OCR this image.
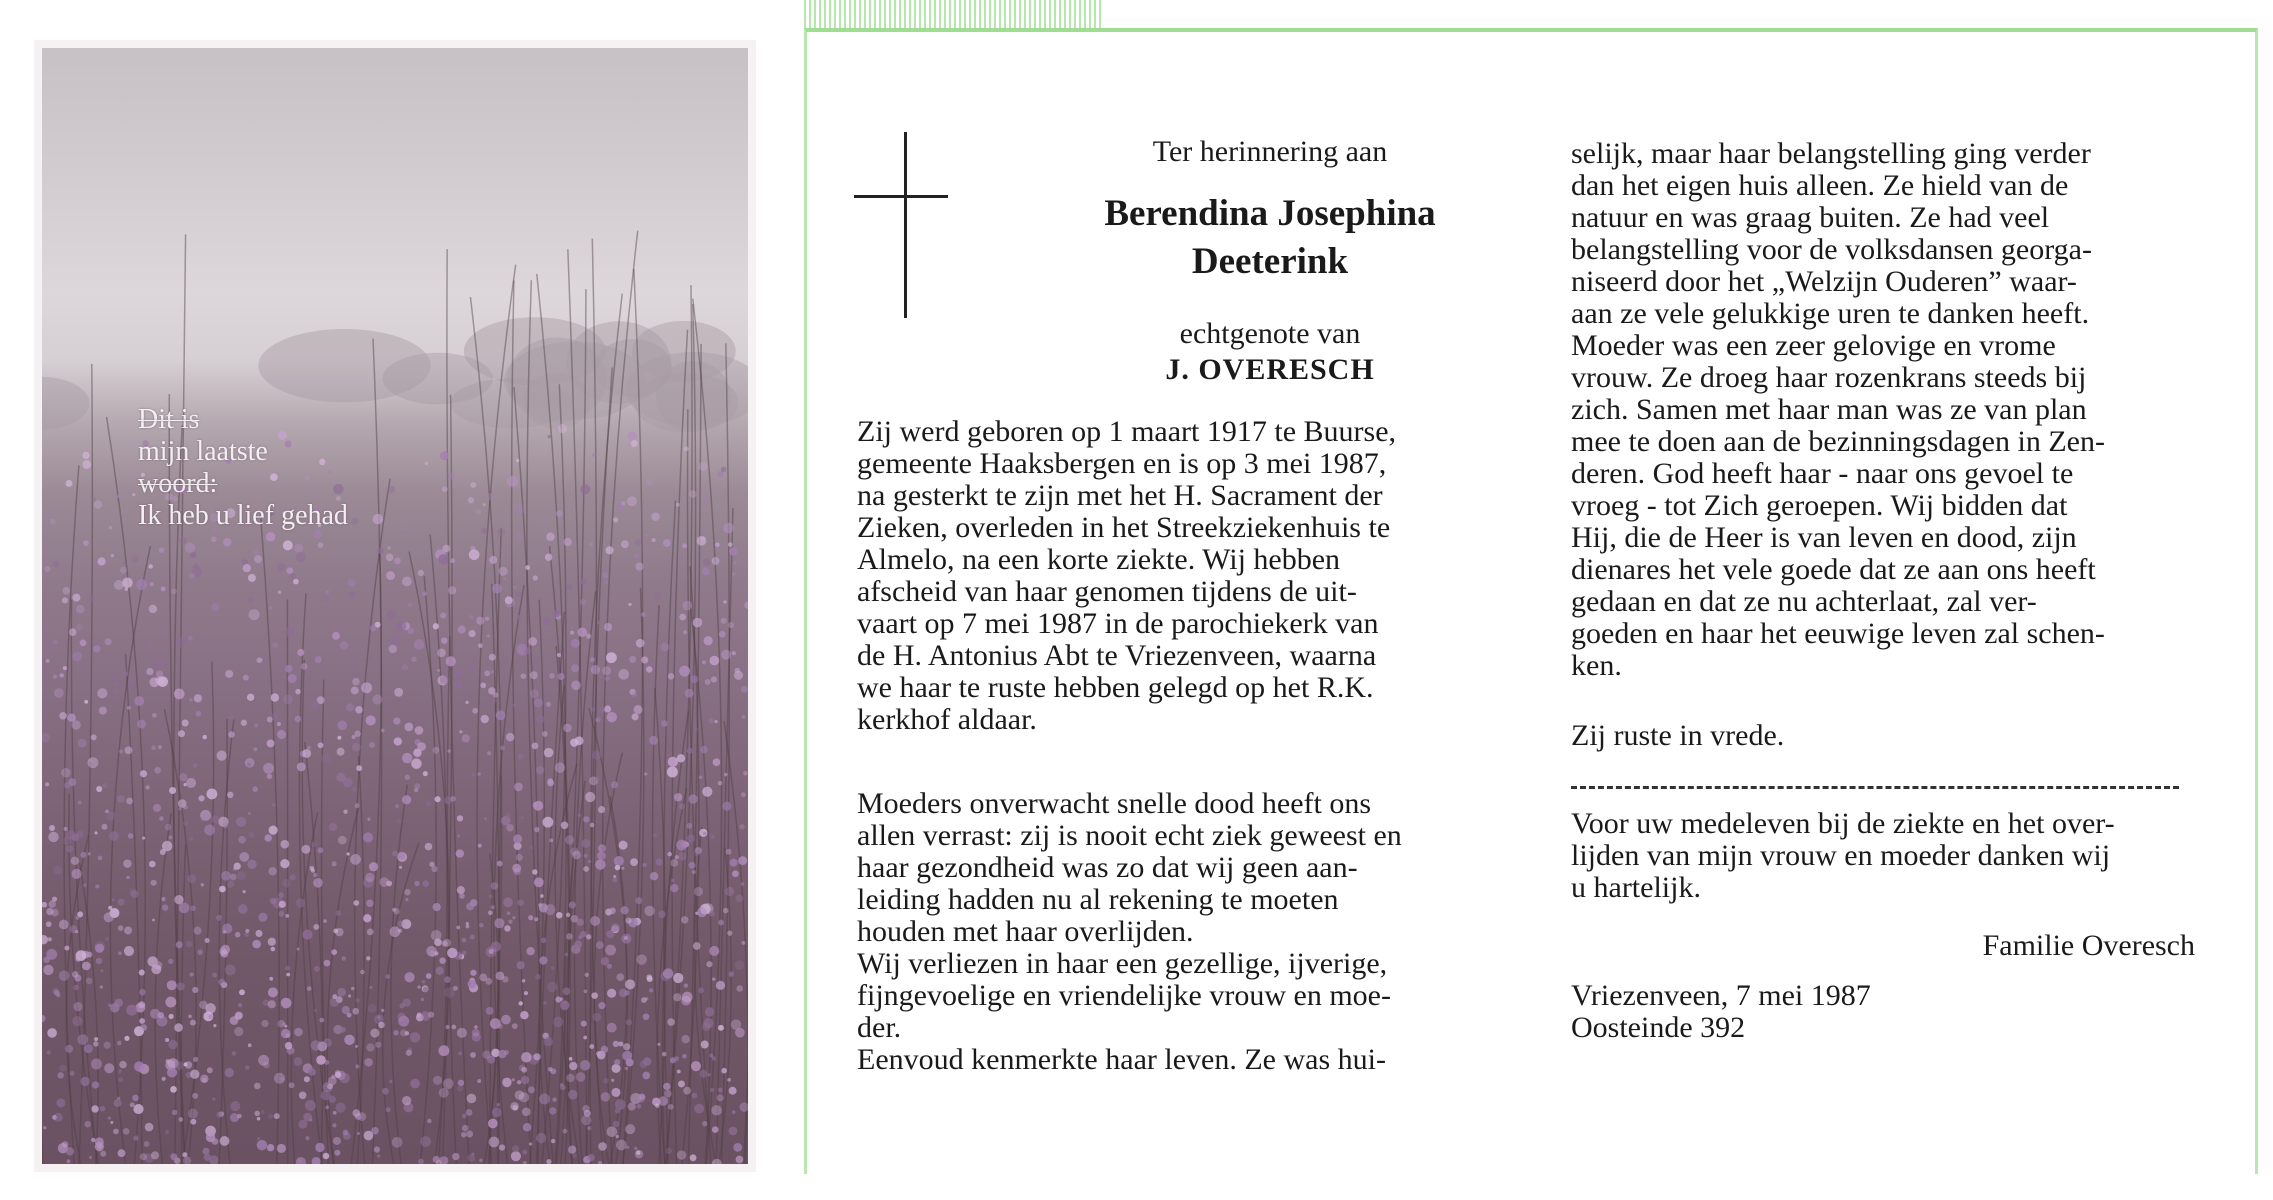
Dit is
mijn laatste
woord:
Ik heb u lief gehad
Ter herinnering aan
Berendina Josephina
Deeterink
echtgenote van
J. OVERESCH
Zij werd geboren op 1 maart 1917 te Buurse,
gemeente Haaksbergen en is op 3 mei 1987,
na gesterkt te zijn met het H. Sacrament der
Zieken, overleden in het Streekziekenhuis te
Almelo, na een korte ziekte. Wij hebben
afscheid van haar genomen tijdens de uit-
vaart op 7 mei 1987 in de parochiekerk van
de H. Antonius Abt te Vriezenveen, waarna
we haar te ruste hebben gelegd op het R.K.
kerkhof aldaar.
Moeders onverwacht snelle dood heeft ons
allen verrast: zij is nooit echt ziek geweest en
haar gezondheid was zo dat wij geen aan-
leiding hadden nu al rekening te moeten
houden met haar overlijden.
Wij verliezen in haar een gezellige, ijverige,
fijngevoelige en vriendelijke vrouw en moe-
der.
Eenvoud kenmerkte haar leven. Ze was hui-
selijk, maar haar belangstelling ging verder
dan het eigen huis alleen. Ze hield van de
natuur en was graag buiten. Ze had veel
belangstelling voor de volksdansen georga-
niseerd door het „Welzijn Ouderen” waar-
aan ze vele gelukkige uren te danken heeft.
Moeder was een zeer gelovige en vrome
vrouw. Ze droeg haar rozenkrans steeds bij
zich. Samen met haar man was ze van plan
mee te doen aan de bezinningsdagen in Zen-
deren. God heeft haar - naar ons gevoel te
vroeg - tot Zich geroepen. Wij bidden dat
Hij, die de Heer is van leven en dood, zijn
dienares het vele goede dat ze aan ons heeft
gedaan en dat ze nu achterlaat, zal ver-
goeden en haar het eeuwige leven zal schen-
ken.
Zij ruste in vrede.
Voor uw medeleven bij de ziekte en het over-
lijden van mijn vrouw en moeder danken wij
u hartelijk.
Familie Overesch
Vriezenveen, 7 mei 1987
Oosteinde 392
